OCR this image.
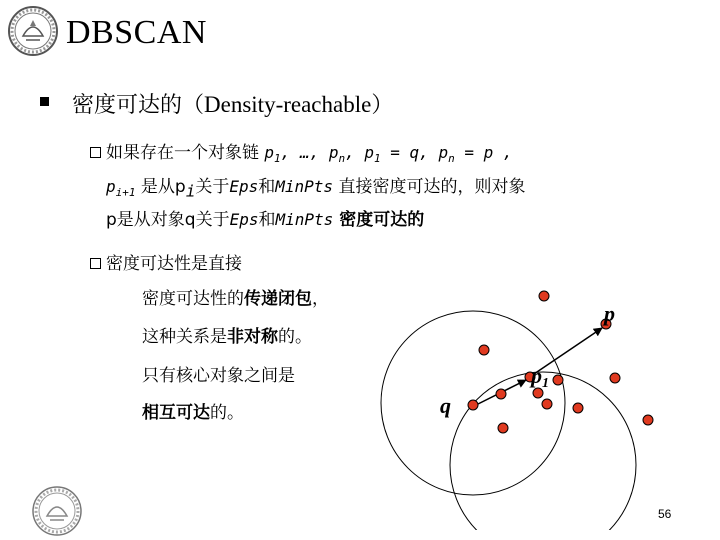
DBSCAN
密度可达的（Density-reachable）
如果存在一个对象链 $p_1$, …, $p_n$, $p_1 = q$, $p_n = p$ ,
$p_{i+1}$ 是从$p_i$关于Eps和MinPts 直接密度可达的，则对象
p是从对象q关于Eps和MinPts 密度可达的
密度可达性是直接
密度可达性的传递闭包，
这种关系是非对称的。
只有核心对象之间是
相互可达的。
p
p1
q
56
